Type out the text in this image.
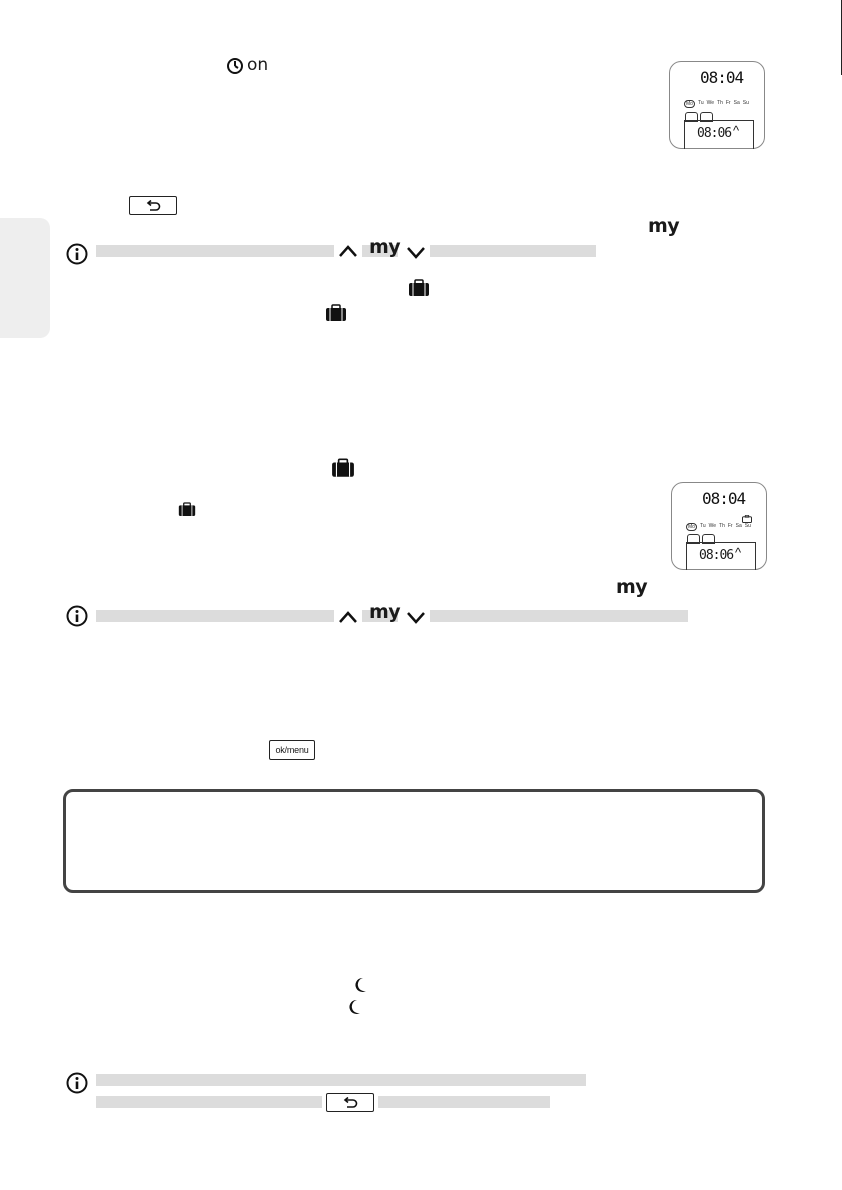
on
08:04
Mo	Tu We Th Fr Sa Su
08:06 ^
my
my
08:04
Mo	Tu We Th Fr Sa Su
08:06 ^
my
my
ok/menu
